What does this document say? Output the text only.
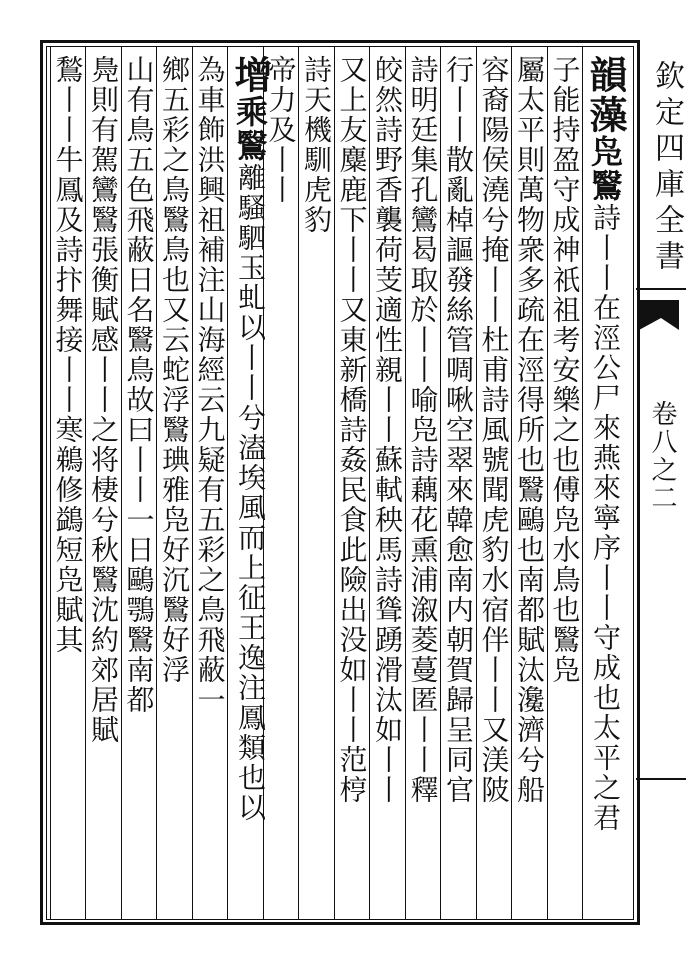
欽定四庫全書
卷八之二
韻藻凫鷖詩丨丨在涇公尸來燕來寧序丨丨守成也太平之君
子能持盈守成神祇祖考安樂之也傅凫水鳥也鷖凫
屬太平則萬物衆多疏在涇得所也鷖鷗也南都賦汰瀺濟兮船
容裔陽侯澆兮掩丨丨杜甫詩風號聞虎豹水宿伴丨丨又渼陂
行丨丨散亂棹謳發絲管啁啾空翠來韓愈南内朝賀歸呈同官
詩明廷集孔鸞曷取於丨丨喻凫詩藕花熏浦溆菱蔓匿丨丨釋
皎然詩野香襲荷芰適性親丨丨蘇軾秧馬詩聳踴滑汰如丨丨
又上友麋鹿下丨丨又東新橋詩姦民食此險出没如丨丨范梈
詩天機馴虎豹
帝力及丨丨
增乘鷖離騷駟玉虬以丨丨兮溘埃風而上征王逸注鳳類也以
為車飾洪興祖補注山海經云九疑有五彩之鳥飛蔽一
鄉五彩之鳥鷖鳥也又云蛇浮鷖琠雅凫好沉鷖好浮
山有鳥五色飛蔽日名鷖鳥故曰丨丨一日鷗鶚鷖南都
鳧則有駕鸞鷖張衡賦感丨丨之将棲兮秋鷖沈約郊居賦
鶖丨丨牛鳳及詩抃舞接丨丨寒鵜修鷁短凫賦其
